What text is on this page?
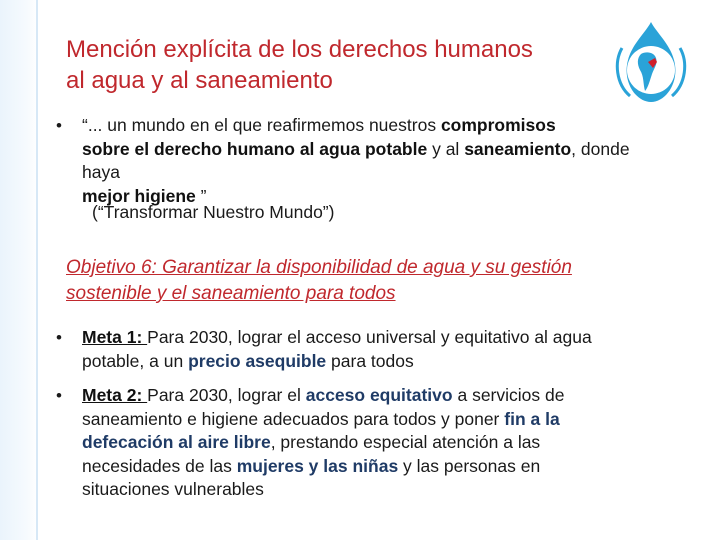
Mención explícita de los derechos humanos
al agua y al saneamiento
•	“... un mundo en el que reafirmemos nuestros compromisos
sobre el derecho humano al agua potable y al saneamiento, donde haya
mejor higiene ”
(“Transformar Nuestro Mundo”)
Objetivo 6: Garantizar la disponibilidad de agua y su gestión
sostenible y el saneamiento para todos
•	Meta 1: Para 2030, lograr el acceso universal y equitativo al agua potable, a un precio asequible para todos
•	Meta 2: Para 2030, lograr el acceso equitativo a servicios de saneamiento e higiene adecuados para todos y poner fin a la defecación al aire libre, prestando especial atención a las necesidades de las mujeres y las niñas y las personas en situaciones vulnerables
